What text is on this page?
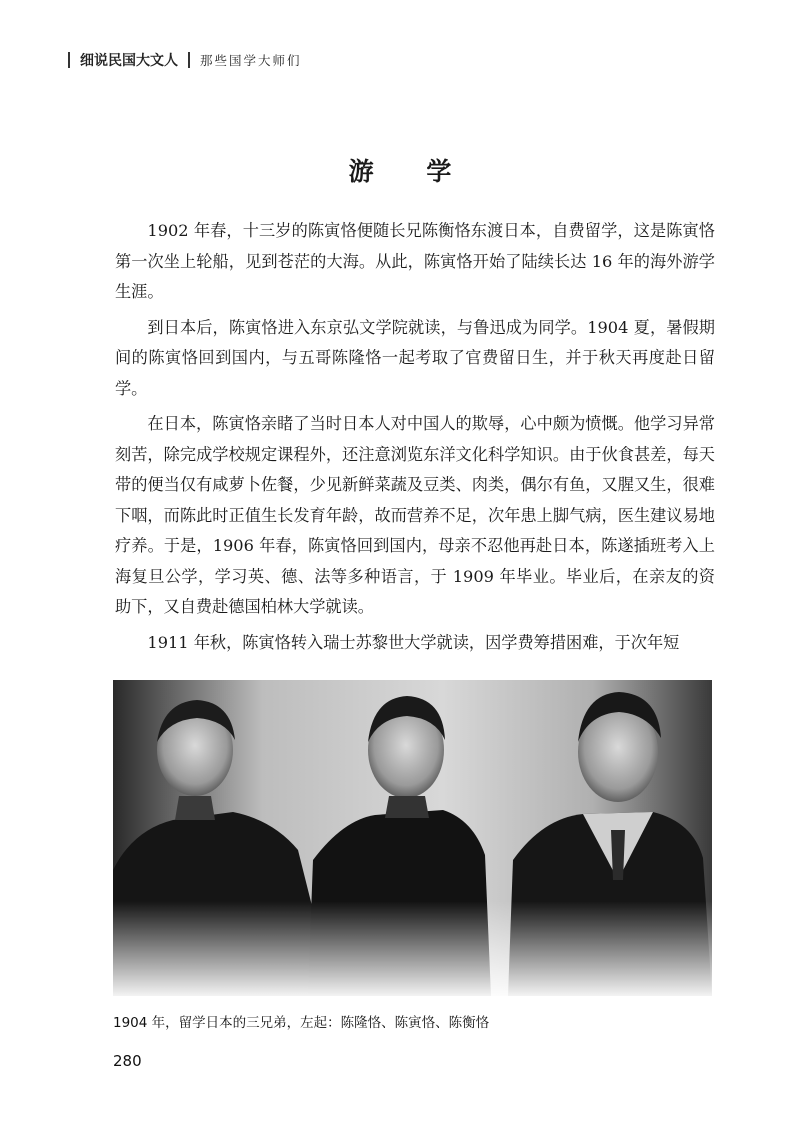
细说民国大文人 那些国学大师们
游 学

1902 年春，十三岁的陈寅恪便随长兄陈衡恪东渡日本，自费留学，这是陈寅恪第一次坐上轮船，见到苍茫的大海。从此，陈寅恪开始了陆续长达 16 年的海外游学生涯。

到日本后，陈寅恪进入东京弘文学院就读，与鲁迅成为同学。1904 夏，暑假期间的陈寅恪回到国内，与五哥陈隆恪一起考取了官费留日生，并于秋天再度赴日留学。

在日本，陈寅恪亲睹了当时日本人对中国人的欺辱，心中颇为愤慨。他学习异常刻苦，除完成学校规定课程外，还注意浏览东洋文化科学知识。由于伙食甚差，每天带的便当仅有咸萝卜佐餐，少见新鲜菜蔬及豆类、肉类，偶尔有鱼，又腥又生，很难下咽，而陈此时正值生长发育年龄，故而营养不足，次年患上脚气病，医生建议易地疗养。于是，1906 年春，陈寅恪回到国内，母亲不忍他再赴日本，陈遂插班考入上海复旦公学，学习英、德、法等多种语言，于 1909 年毕业。毕业后，在亲友的资助下，又自费赴德国柏林大学就读。

1911 年秋，陈寅恪转入瑞士苏黎世大学就读，因学费筹措困难，于次年短

1904 年，留学日本的三兄弟，左起：陈隆恪、陈寅恪、陈衡恪
280
